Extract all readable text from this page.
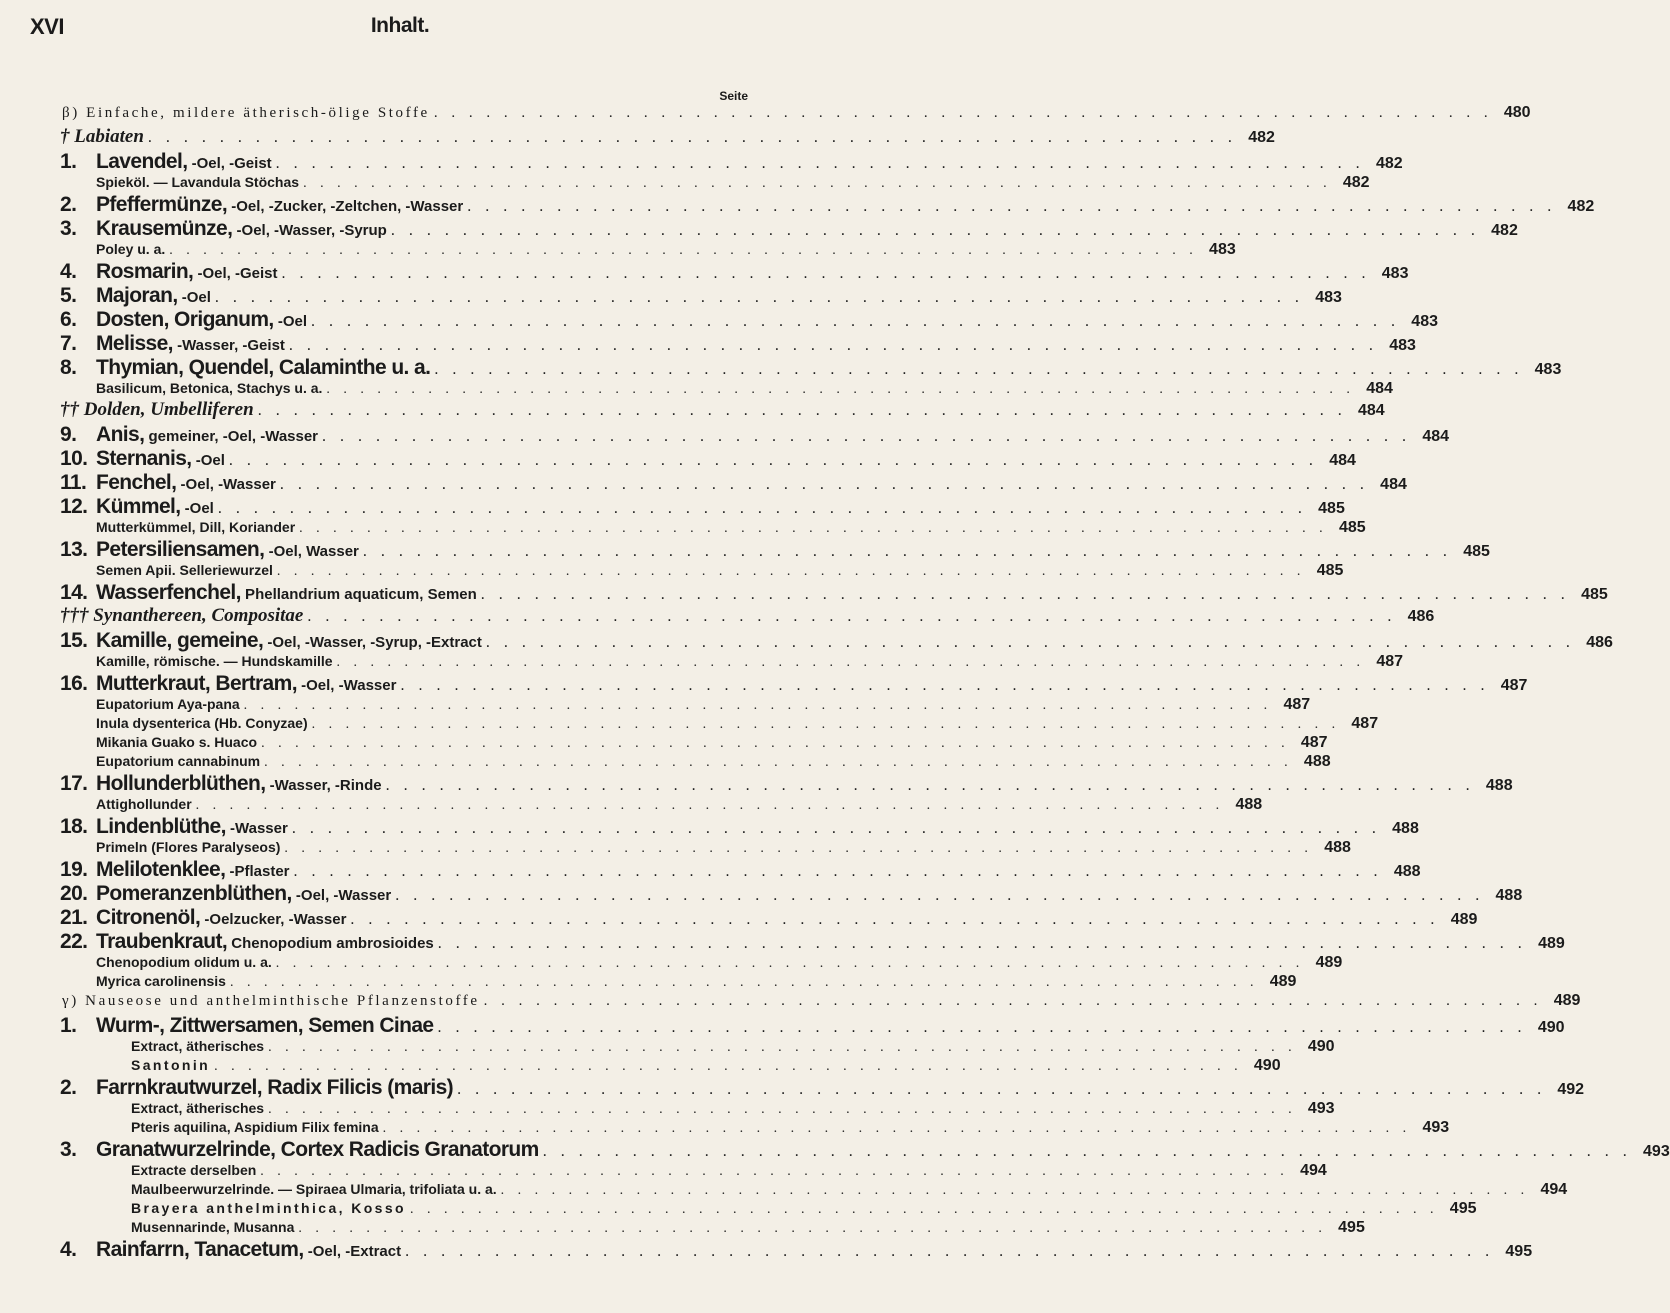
XVI	Inhalt.
Seite
β) Einfache, mildere ätherisch-ölige Stoffe . . . . . . . . . . . . . . . . . . . . . . . . . . . . . . . . . . . . . . . . . . . . . . . . . . . . . . . . . . . . . 480
† Labiaten . . . . . . . . . . . . . . . . . . . . . . . . . . . . . . . . . . . . . . . . . . . . . . . . . . . . . . . . . . . . . 482
1. Lavendel, -Oel, -Geist . . . . . . . . . . . . . . . . . . . . . . . . . . . . . . . . . . . . . . . . . . . . . . . . . . . . . . . . . . . . . 482
Spieköl. — Lavandula Stöchas . . . . . . . . . . . . . . . . . . . . . . . . . . . . . . . . . . . . . . . . . . . . . . . . . . . . . . . . . . . . . 482
2. Pfeffermünze, -Oel, -Zucker, -Zeltchen, -Wasser . . . . . . . . . . . . . . . . . . . . . . . . . . . . . . . . . . . . . . . . . . . . . . . . . . . . . . . . . . . . . 482
3. Krausemünze, -Oel, -Wasser, -Syrup . . . . . . . . . . . . . . . . . . . . . . . . . . . . . . . . . . . . . . . . . . . . . . . . . . . . . . . . . . . . . 482
Poley u. a. . . . . . . . . . . . . . . . . . . . . . . . . . . . . . . . . . . . . . . . . . . . . . . . . . . . . . . . . . . . . . 483
4. Rosmarin, -Oel, -Geist . . . . . . . . . . . . . . . . . . . . . . . . . . . . . . . . . . . . . . . . . . . . . . . . . . . . . . . . . . . . . 483
5. Majoran, -Oel . . . . . . . . . . . . . . . . . . . . . . . . . . . . . . . . . . . . . . . . . . . . . . . . . . . . . . . . . . . . . 483
6. Dosten, Origanum, -Oel . . . . . . . . . . . . . . . . . . . . . . . . . . . . . . . . . . . . . . . . . . . . . . . . . . . . . . . . . . . . . 483
7. Melisse, -Wasser, -Geist . . . . . . . . . . . . . . . . . . . . . . . . . . . . . . . . . . . . . . . . . . . . . . . . . . . . . . . . . . . . . 483
8. Thymian, Quendel, Calaminthe u. a. . . . . . . . . . . . . . . . . . . . . . . . . . . . . . . . . . . . . . . . . . . . . . . . . . . . . . . . . . . . . . 483
Basilicum, Betonica, Stachys u. a. . . . . . . . . . . . . . . . . . . . . . . . . . . . . . . . . . . . . . . . . . . . . . . . . . . . . . . . . . . . . . 484
†† Dolden, Umbelliferen . . . . . . . . . . . . . . . . . . . . . . . . . . . . . . . . . . . . . . . . . . . . . . . . . . . . . . . . . . . . . 484
9. Anis, gemeiner, -Oel, -Wasser . . . . . . . . . . . . . . . . . . . . . . . . . . . . . . . . . . . . . . . . . . . . . . . . . . . . . . . . . . . . . 484
10. Sternanis, -Oel . . . . . . . . . . . . . . . . . . . . . . . . . . . . . . . . . . . . . . . . . . . . . . . . . . . . . . . . . . . . . 484
11. Fenchel, -Oel, -Wasser . . . . . . . . . . . . . . . . . . . . . . . . . . . . . . . . . . . . . . . . . . . . . . . . . . . . . . . . . . . . . 484
12. Kümmel, -Oel . . . . . . . . . . . . . . . . . . . . . . . . . . . . . . . . . . . . . . . . . . . . . . . . . . . . . . . . . . . . . 485
Mutterkümmel, Dill, Koriander . . . . . . . . . . . . . . . . . . . . . . . . . . . . . . . . . . . . . . . . . . . . . . . . . . . . . . . . . . . . . 485
13. Petersiliensamen, -Oel, Wasser . . . . . . . . . . . . . . . . . . . . . . . . . . . . . . . . . . . . . . . . . . . . . . . . . . . . . . . . . . . . . 485
Semen Apii. Selleriewurzel . . . . . . . . . . . . . . . . . . . . . . . . . . . . . . . . . . . . . . . . . . . . . . . . . . . . . . . . . . . . . 485
14. Wasserfenchel, Phellandrium aquaticum, Semen . . . . . . . . . . . . . . . . . . . . . . . . . . . . . . . . . . . . . . . . . . . . . . . . . . . . . . . . . . . . . 485
††† Synanthereen, Compositae . . . . . . . . . . . . . . . . . . . . . . . . . . . . . . . . . . . . . . . . . . . . . . . . . . . . . . . . . . . . . 486
15. Kamille, gemeine, -Oel, -Wasser, -Syrup, -Extract . . . . . . . . . . . . . . . . . . . . . . . . . . . . . . . . . . . . . . . . . . . . . . . . . . . . . . . . . . . . . 486
Kamille, römische. — Hundskamille . . . . . . . . . . . . . . . . . . . . . . . . . . . . . . . . . . . . . . . . . . . . . . . . . . . . . . . . . . . . . 487
16. Mutterkraut, Bertram, -Oel, -Wasser . . . . . . . . . . . . . . . . . . . . . . . . . . . . . . . . . . . . . . . . . . . . . . . . . . . . . . . . . . . . . 487
Eupatorium Aya-pana . . . . . . . . . . . . . . . . . . . . . . . . . . . . . . . . . . . . . . . . . . . . . . . . . . . . . . . . . . . . . 487
Inula dysenterica (Hb. Conyzae) . . . . . . . . . . . . . . . . . . . . . . . . . . . . . . . . . . . . . . . . . . . . . . . . . . . . . . . . . . . . . 487
Mikania Guako s. Huaco . . . . . . . . . . . . . . . . . . . . . . . . . . . . . . . . . . . . . . . . . . . . . . . . . . . . . . . . . . . . . 487
Eupatorium cannabinum . . . . . . . . . . . . . . . . . . . . . . . . . . . . . . . . . . . . . . . . . . . . . . . . . . . . . . . . . . . . . 488
17. Hollunderblüthen, -Wasser, -Rinde . . . . . . . . . . . . . . . . . . . . . . . . . . . . . . . . . . . . . . . . . . . . . . . . . . . . . . . . . . . . . 488
Attighollunder . . . . . . . . . . . . . . . . . . . . . . . . . . . . . . . . . . . . . . . . . . . . . . . . . . . . . . . . . . . . . 488
18. Lindenblüthe, -Wasser . . . . . . . . . . . . . . . . . . . . . . . . . . . . . . . . . . . . . . . . . . . . . . . . . . . . . . . . . . . . . 488
Primeln (Flores Paralyseos) . . . . . . . . . . . . . . . . . . . . . . . . . . . . . . . . . . . . . . . . . . . . . . . . . . . . . . . . . . . . . 488
19. Melilotenklee, -Pflaster . . . . . . . . . . . . . . . . . . . . . . . . . . . . . . . . . . . . . . . . . . . . . . . . . . . . . . . . . . . . . 488
20. Pomeranzenblüthen, -Oel, -Wasser . . . . . . . . . . . . . . . . . . . . . . . . . . . . . . . . . . . . . . . . . . . . . . . . . . . . . . . . . . . . . 488
21. Citronenöl, -Oelzucker, -Wasser . . . . . . . . . . . . . . . . . . . . . . . . . . . . . . . . . . . . . . . . . . . . . . . . . . . . . . . . . . . . . 489
22. Traubenkraut, Chenopodium ambrosioides . . . . . . . . . . . . . . . . . . . . . . . . . . . . . . . . . . . . . . . . . . . . . . . . . . . . . . . . . . . . . 489
Chenopodium olidum u. a. . . . . . . . . . . . . . . . . . . . . . . . . . . . . . . . . . . . . . . . . . . . . . . . . . . . . . . . . . . . . . 489
Myrica carolinensis . . . . . . . . . . . . . . . . . . . . . . . . . . . . . . . . . . . . . . . . . . . . . . . . . . . . . . . . . . . . . 489
γ) Nauseose und anthelminthische Pflanzenstoffe . . . . . . . . . . . . . . . . . . . . . . . . . . . . . . . . . . . . . . . . . . . . . . . . . . . . . . . . . . . . . 489
1. Wurm-, Zittwersamen, Semen Cinae . . . . . . . . . . . . . . . . . . . . . . . . . . . . . . . . . . . . . . . . . . . . . . . . . . . . . . . . . . . . . 490
Extract, ätherisches . . . . . . . . . . . . . . . . . . . . . . . . . . . . . . . . . . . . . . . . . . . . . . . . . . . . . . . . . . . . . 490
Santonin . . . . . . . . . . . . . . . . . . . . . . . . . . . . . . . . . . . . . . . . . . . . . . . . . . . . . . . . . . . . . 490
2. Farrnkrautwurzel, Radix Filicis (maris) . . . . . . . . . . . . . . . . . . . . . . . . . . . . . . . . . . . . . . . . . . . . . . . . . . . . . . . . . . . . . 492
Extract, ätherisches . . . . . . . . . . . . . . . . . . . . . . . . . . . . . . . . . . . . . . . . . . . . . . . . . . . . . . . . . . . . . 493
Pteris aquilina, Aspidium Filix femina . . . . . . . . . . . . . . . . . . . . . . . . . . . . . . . . . . . . . . . . . . . . . . . . . . . . . . . . . . . . . 493
3. Granatwurzelrinde, Cortex Radicis Granatorum . . . . . . . . . . . . . . . . . . . . . . . . . . . . . . . . . . . . . . . . . . . . . . . . . . . . . . . . . . . . . 493
Extracte derselben . . . . . . . . . . . . . . . . . . . . . . . . . . . . . . . . . . . . . . . . . . . . . . . . . . . . . . . . . . . . . 494
Maulbeerwurzelrinde. — Spiraea Ulmaria, trifoliata u. a. . . . . . . . . . . . . . . . . . . . . . . . . . . . . . . . . . . . . . . . . . . . . . . . . . . . . . . . . . . . . . 494
Brayera anthelminthica, Kosso . . . . . . . . . . . . . . . . . . . . . . . . . . . . . . . . . . . . . . . . . . . . . . . . . . . . . . . . . . . . . 495
Musennarinde, Musanna . . . . . . . . . . . . . . . . . . . . . . . . . . . . . . . . . . . . . . . . . . . . . . . . . . . . . . . . . . . . . 495
4. Rainfarrn, Tanacetum, -Oel, -Extract . . . . . . . . . . . . . . . . . . . . . . . . . . . . . . . . . . . . . . . . . . . . . . . . . . . . . . . . . . . . . 495
